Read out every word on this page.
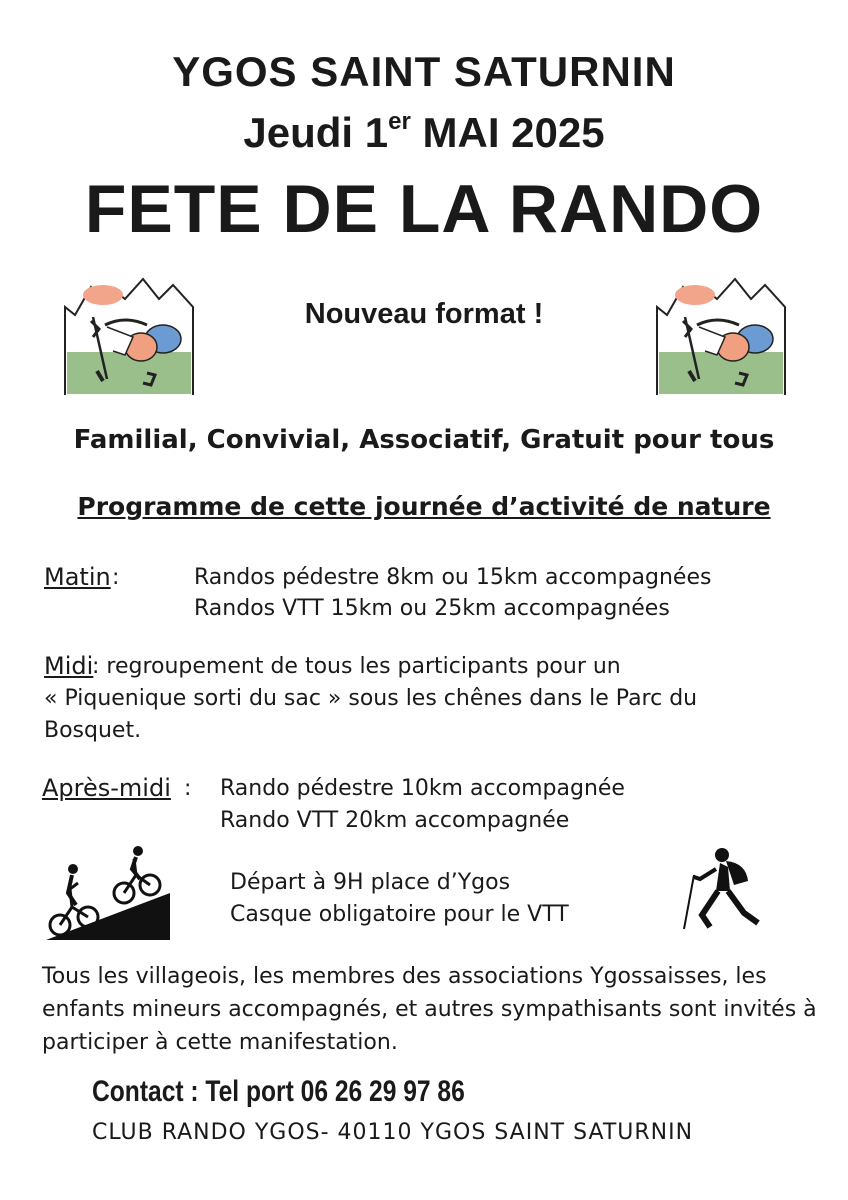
YGOS SAINT SATURNIN
Jeudi 1er MAI 2025
FETE DE LA RANDO
Nouveau format !
Familial, Convivial, Associatif, Gratuit pour tous
Programme de cette journée d’activité de nature
Matin :	Randos pédestre 8km ou 15km accompagnées
Randos VTT 15km ou 25km accompagnées
Midi
: regroupement de tous les participants pour un
« Piquenique sorti du sac » sous les chênes dans le Parc du
Bosquet.
Après-midi : Rando pédestre 10km accompagnée
Rando VTT 20km accompagnée
Départ à 9H place d’Ygos
Casque obligatoire pour le VTT
Tous les villageois, les membres des associations Ygossaisses, les enfants mineurs accompagnés, et autres sympathisants sont invités à participer à cette manifestation.
Contact : Tel port 06 26 29 97 86
CLUB RANDO YGOS- 40110 YGOS SAINT SATURNIN
